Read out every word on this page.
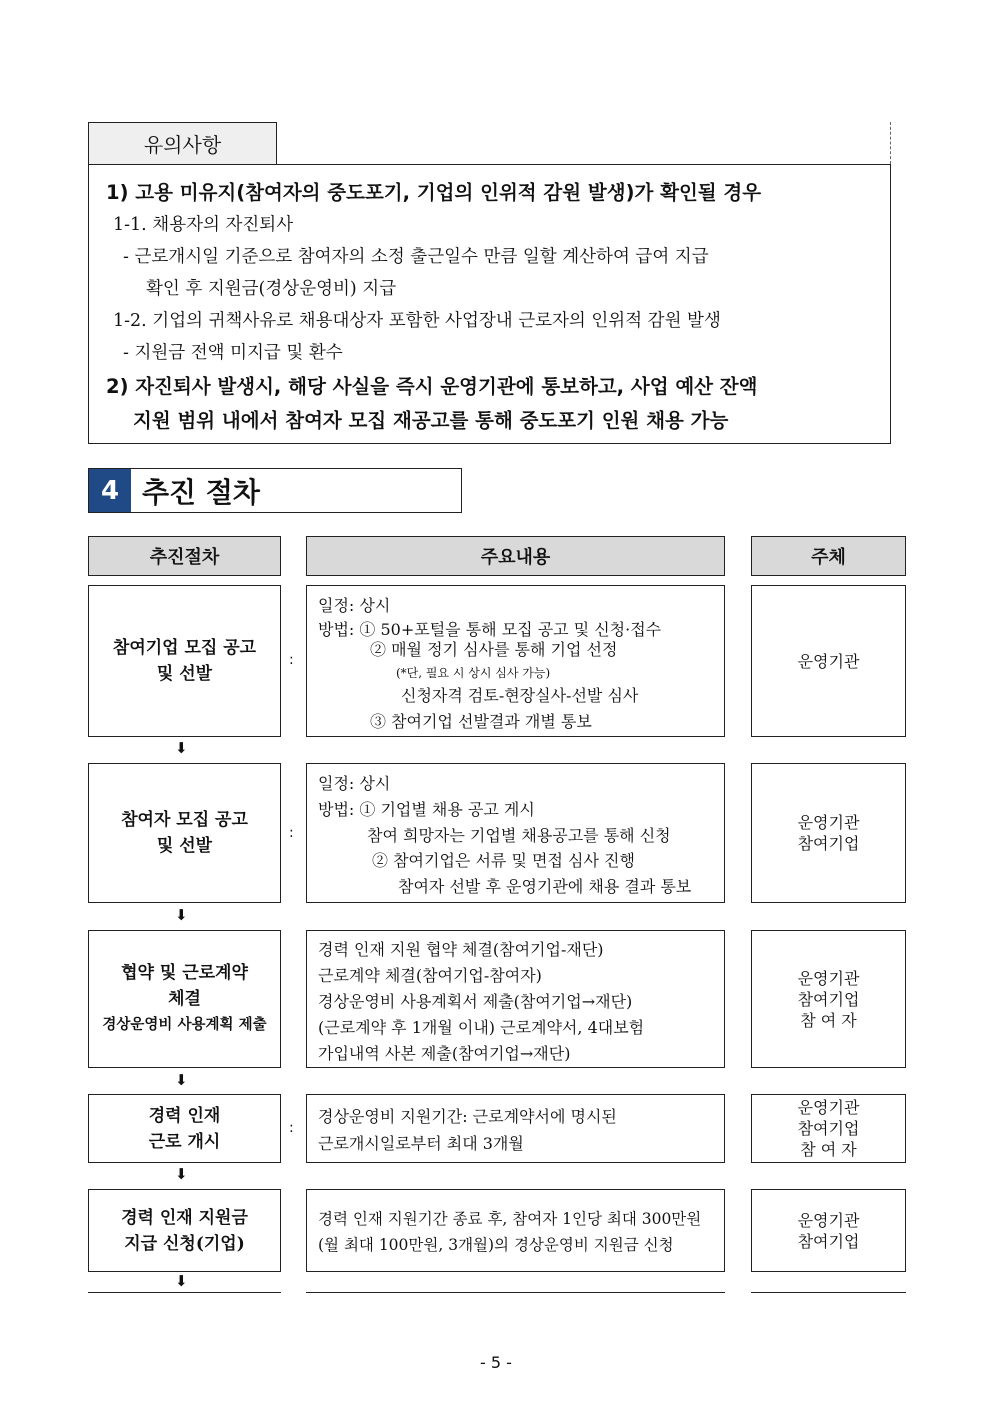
유의사항
1) 고용 미유지(참여자의 중도포기, 기업의 인위적 감원 발생)가 확인될 경우
1-1. 채용자의 자진퇴사
- 근로개시일 기준으로 참여자의 소정 출근일수 만큼 일할 계산하여 급여 지급
확인 후 지원금(경상운영비) 지급
1-2. 기업의 귀책사유로 채용대상자 포함한 사업장내 근로자의 인위적 감원 발생
- 지원금 전액 미지급 및 환수
2) 자진퇴사 발생시, 해당 사실을 즉시 운영기관에 통보하고, 사업 예산 잔액
지원 범위 내에서 참여자 모집 재공고를 통해 중도포기 인원 채용 가능
4 추진 절차
추진절차	주요내용	주체
참여기업 모집 공고
및 선발
:
일정: 상시
방법: ① 50+포털을 통해 모집 공고 및 신청·접수
② 매월 정기 심사를 통해 기업 선정
(*단, 필요 시 상시 심사 가능)
신청자격 검토-현장실사-선발 심사
③ 참여기업 선발결과 개별 통보
운영기관
⬇
참여자 모집 공고
및 선발
:
일정: 상시
방법: ① 기업별 채용 공고 게시
참여 희망자는 기업별 채용공고를 통해 신청
② 참여기업은 서류 및 면접 심사 진행
참여자 선발 후 운영기관에 채용 결과 통보
운영기관
참여기업
⬇
협약 및 근로계약
체결
경상운영비 사용계획 제출
경력 인재 지원 협약 체결(참여기업-재단)
근로계약 체결(참여기업-참여자)
경상운영비 사용계획서 제출(참여기업→재단)
(근로계약 후 1개월 이내) 근로계약서, 4대보험
가입내역 사본 제출(참여기업→재단)
운영기관
참여기업
참 여 자
⬇
경력 인재
근로 개시
:
경상운영비 지원기간: 근로계약서에 명시된
근로개시일로부터 최대 3개월
운영기관
참여기업
참 여 자
⬇
경력 인재 지원금
지급 신청(기업)
경력 인재 지원기간 종료 후, 참여자 1인당 최대 300만원
(월 최대 100만원, 3개월)의 경상운영비 지원금 신청
운영기관
참여기업
⬇
- 5 -
